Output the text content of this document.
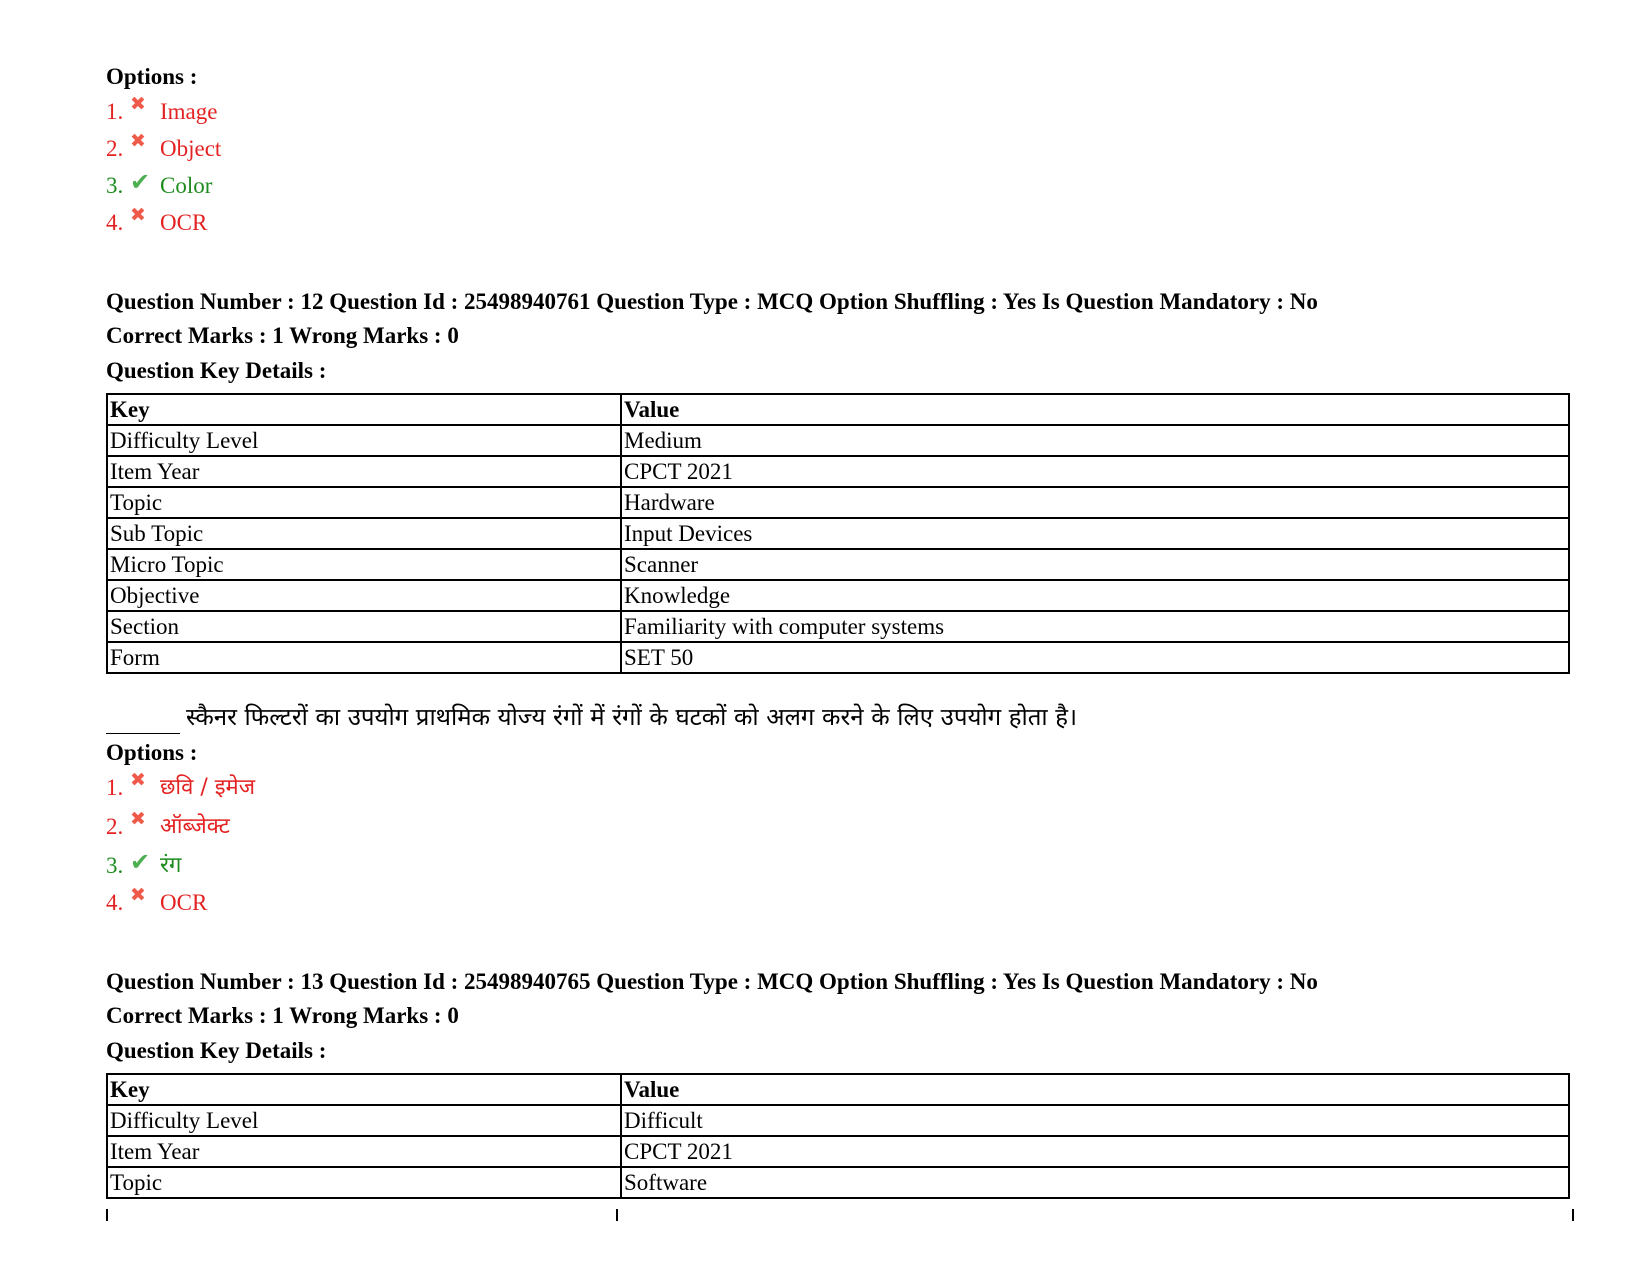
Options :
1. ✖ Image
2. ✖ Object
3. ✔ Color
4. ✖ OCR
Question Number : 12 Question Id : 25498940761 Question Type : MCQ Option Shuffling : Yes Is Question Mandatory : No
Correct Marks : 1 Wrong Marks : 0
Question Key Details :
Key	Value
Difficulty Level	Medium
Item Year	CPCT 2021
Topic	Hardware
Sub Topic	Input Devices
Micro Topic	Scanner
Objective	Knowledge
Section	Familiarity with computer systems
Form	SET 50
स्कैनर फिल्टरों का उपयोग प्राथमिक योज्य रंगों में रंगों के घटकों को अलग करने के लिए उपयोग होता है।
Options :
1. ✖ छवि / इमेज
2. ✖ ऑब्जेक्ट
3. ✔ रंग
4. ✖ OCR
Question Number : 13 Question Id : 25498940765 Question Type : MCQ Option Shuffling : Yes Is Question Mandatory : No
Correct Marks : 1 Wrong Marks : 0
Question Key Details :
Key	Value
Difficulty Level	Difficult
Item Year	CPCT 2021
Topic	Software
